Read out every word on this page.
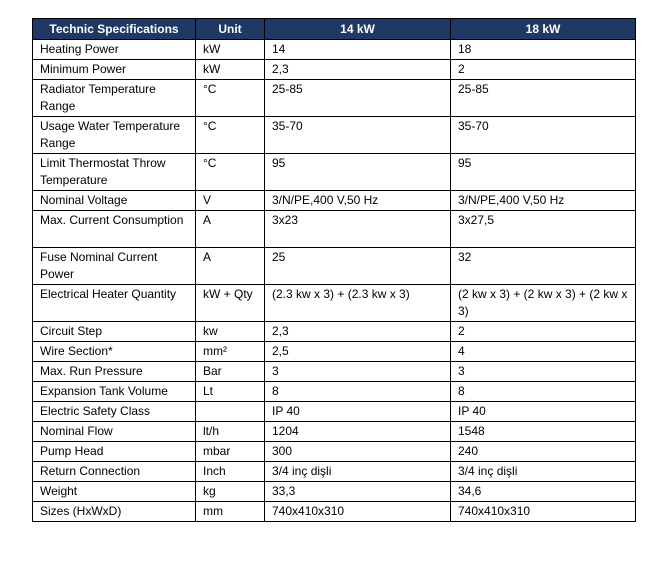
Technic Specifications	Unit	14 kW	18 kW
Heating Power	kW	14	18
Minimum Power	kW	2,3	2
Radiator Temperature Range	°C	25-85	25-85
Usage Water Temperature Range	°C	35-70	35-70
Limit Thermostat Throw Temperature	°C	95	95
Nominal Voltage	V	3/N/PE,400 V,50 Hz	3/N/PE,400 V,50 Hz
Max. Current Consumption	A	3x23	3x27,5
Fuse Nominal Current Power	A	25	32
Electrical Heater Quantity	kW + Qty	(2.3 kw x 3) + (2.3 kw x 3)	(2 kw x 3) + (2 kw x 3) + (2 kw x 3)
Circuit Step	kw	2,3	2
Wire Section*	mm²	2,5	4
Max. Run Pressure	Bar	3	3
Expansion Tank Volume	Lt	8	8
Electric Safety Class		IP 40	IP 40
Nominal Flow	lt/h	1204	1548
Pump Head	mbar	300	240
Return Connection	Inch	3/4 inç dişli	3/4 inç dişli
Weight	kg	33,3	34,6
Sizes (HxWxD)	mm	740x410x310	740x410x310
